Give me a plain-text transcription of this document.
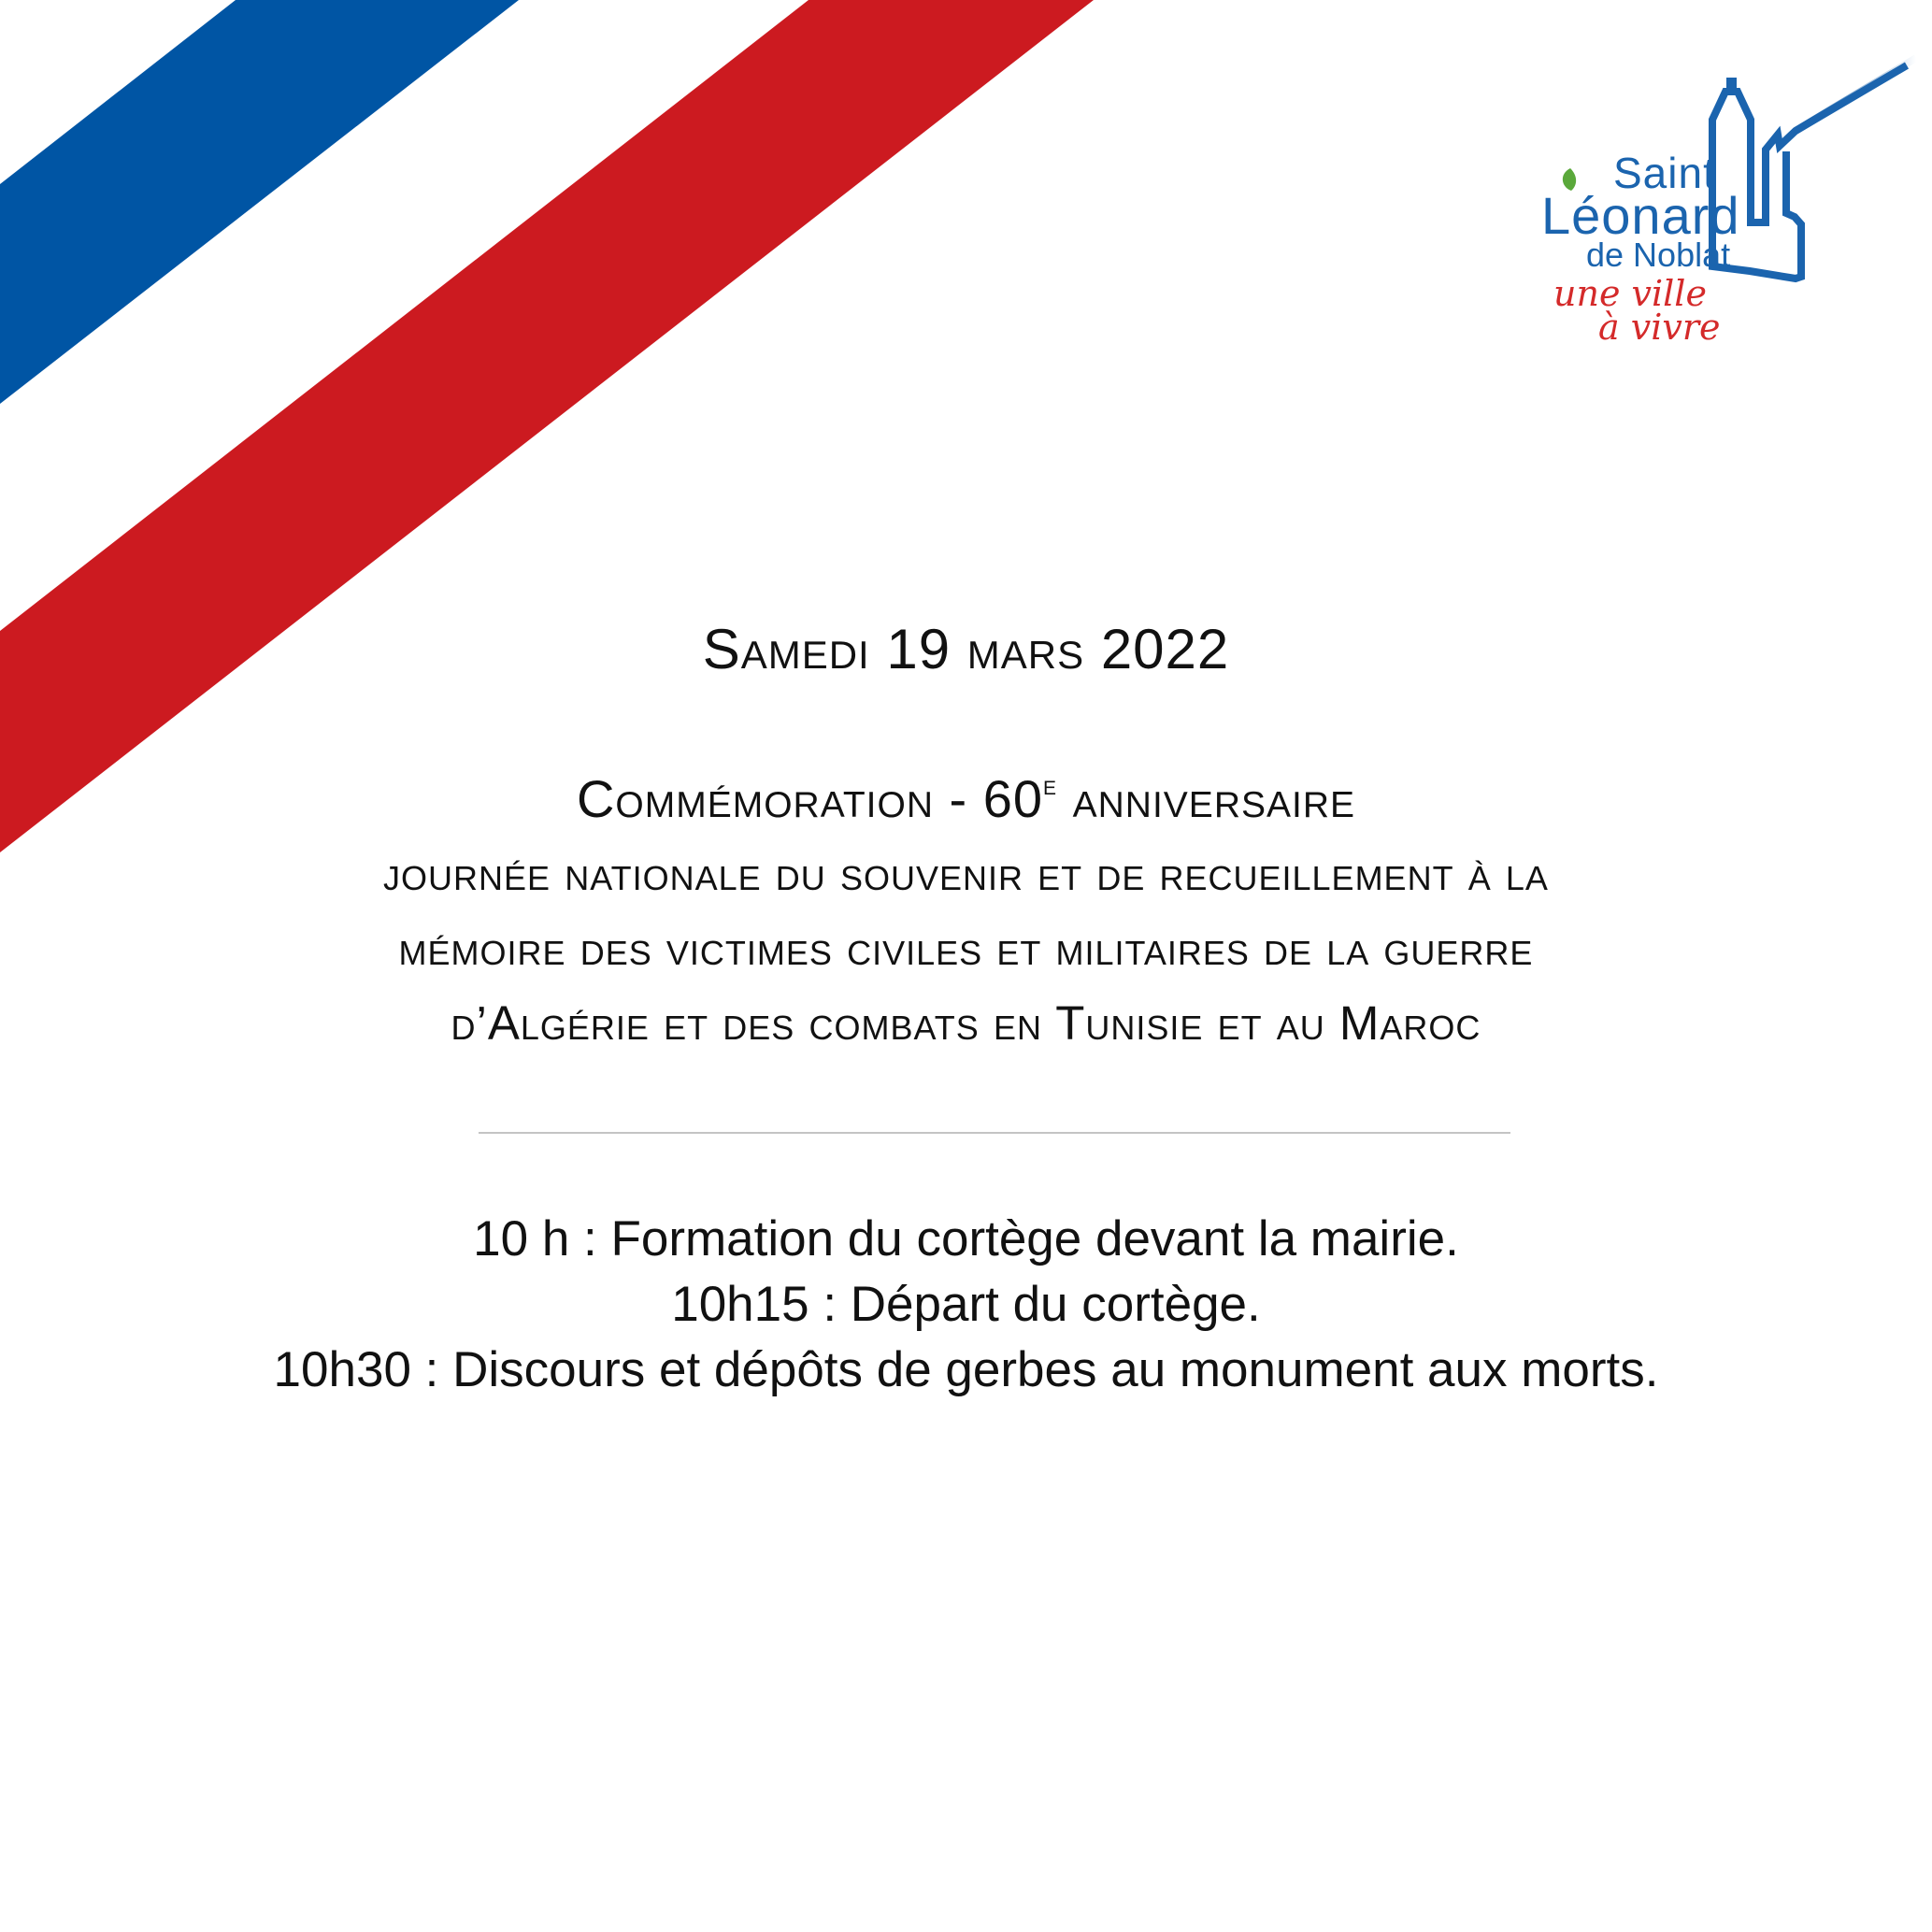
Saint
Léonard
de Noblat
une ville
à vivre
Samedi 19 mars 2022
Commémoration - 60e anniversaire
journée nationale du souvenir et de recueillement à la
mémoire des victimes civiles et militaires de la guerre
d’Algérie et des combats en Tunisie et au Maroc
10 h : Formation du cortège devant la mairie.
10h15 : Départ du cortège.
10h30 : Discours et dépôts de gerbes au monument aux morts.
